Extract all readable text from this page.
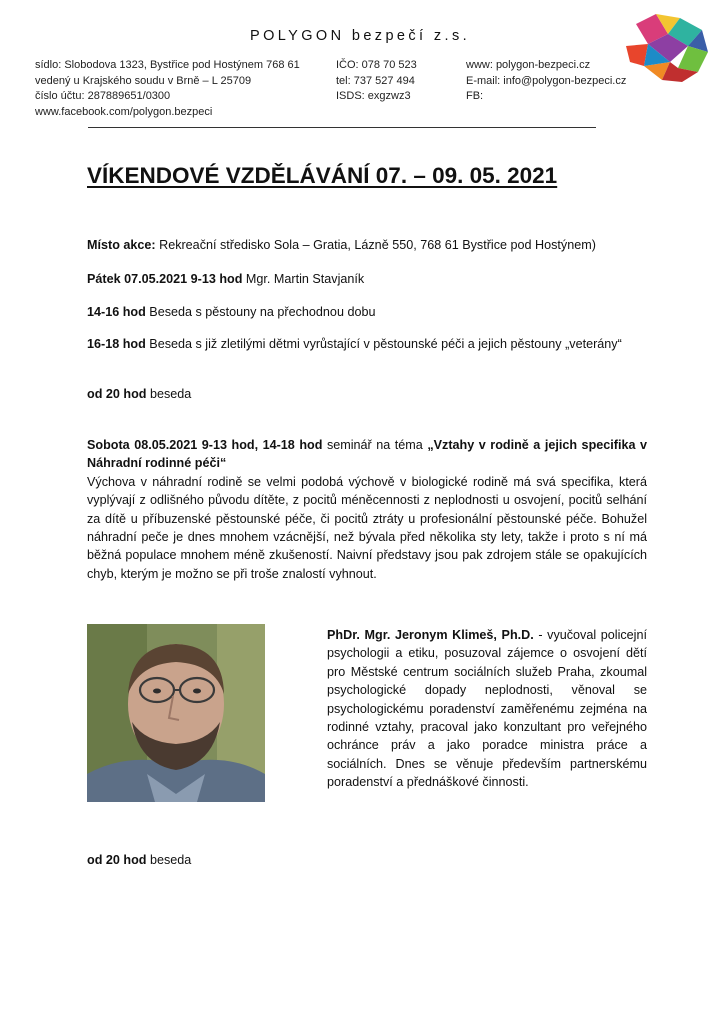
POLYGON bezpečí z.s.
sídlo: Slobodova 1323, Bystřice pod Hostýnem 768 61
vedený u Krajského soudu v Brně – L 25709
číslo účtu: 287889651/0300
www.facebook.com/polygon.bezpeci
IČO: 078 70 523
tel: 737 527 494
ISDS: exgzwz3
www: polygon-bezpeci.cz
E-mail: info@polygon-bezpeci.cz
FB:
VÍKENDOVÉ VZDĚLÁVÁNÍ 07. – 09. 05. 2021
Místo akce: Rekreační středisko Sola – Gratia, Lázně 550, 768 61 Bystřice pod Hostýnem)
Pátek 07.05.2021 9-13 hod Mgr. Martin Stavjaník
14-16 hod Beseda s pěstouny na přechodnou dobu
16-18 hod Beseda s již zletilými dětmi vyrůstající v pěstounské péči a jejich pěstouny „veterány“
od 20 hod beseda
Sobota 08.05.2021 9-13 hod, 14-18 hod seminář na téma „Vztahy v rodině a jejich specifika v Náhradní rodinné péči“
Výchova v náhradní rodině se velmi podobá výchově v biologické rodině má svá specifika, která vyplývají z odlišného původu dítěte, z pocitů méněcennosti z neplodnosti u osvojení, pocitů selhání za dítě u příbuzenské pěstounské péče, či pocitů ztráty u profesionální pěstounské péče. Bohužel náhradní peče je dnes mnohem vzácnější, než bývala před několika sty lety, takže i proto s ní má běžná populace mnohem méně zkušeností. Naivní představy jsou pak zdrojem stále se opakujících chyb, kterým je možno se při troše znalostí vyhnout.
PhDr. Mgr. Jeronym Klimeš, Ph.D. - vyučoval policejní psychologii a etiku, posuzoval zájemce o osvojení dětí pro Městské centrum sociálních služeb Praha, zkoumal psychologické dopady neplodnosti, věnoval se psychologickému poradenství zaměřenému zejména na rodinné vztahy, pracoval jako konzultant pro veřejného ochránce práv a jako poradce ministra práce a sociálních. Dnes se věnuje především partnerskému poradenství a přednáškové činnosti.
od 20 hod beseda
